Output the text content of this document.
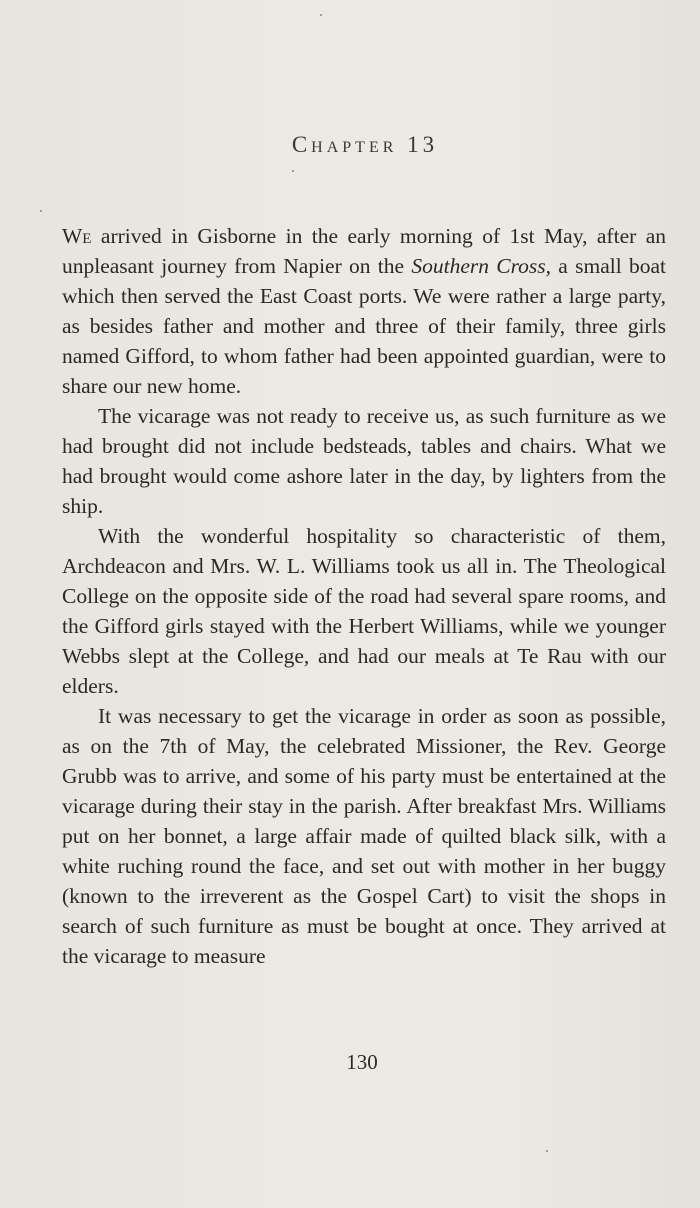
Chapter 13

We arrived in Gisborne in the early morning of 1st May, after an unpleasant journey from Napier on the Southern Cross, a small boat which then served the East Coast ports. We were rather a large party, as besides father and mother and three of their family, three girls named Gifford, to whom father had been appointed guardian, were to share our new home.

The vicarage was not ready to receive us, as such furniture as we had brought did not include bedsteads, tables and chairs. What we had brought would come ashore later in the day, by lighters from the ship.

With the wonderful hospitality so characteristic of them, Archdeacon and Mrs. W. L. Williams took us all in. The Theological College on the opposite side of the road had several spare rooms, and the Gifford girls stayed with the Herbert Williams, while we younger Webbs slept at the College, and had our meals at Te Rau with our elders.

It was necessary to get the vicarage in order as soon as possible, as on the 7th of May, the celebrated Missioner, the Rev. George Grubb was to arrive, and some of his party must be entertained at the vicarage during their stay in the parish. After breakfast Mrs. Williams put on her bonnet, a large affair made of quilted black silk, with a white ruching round the face, and set out with mother in her buggy (known to the irreverent as the Gospel Cart) to visit the shops in search of such furniture as must be bought at once. They arrived at the vicarage to measure

130
